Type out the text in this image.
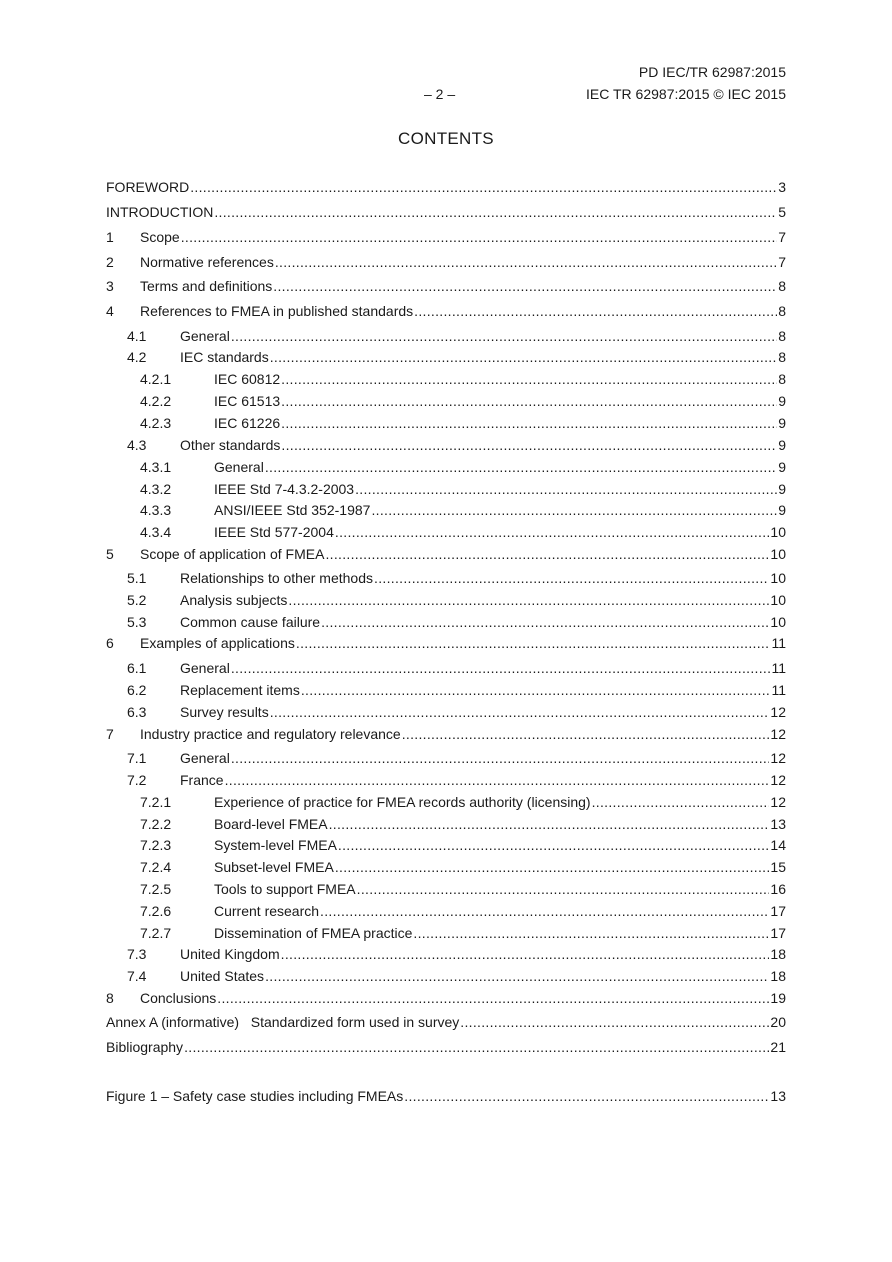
PD IEC/TR 62987:2015
– 2 –	IEC TR 62987:2015 © IEC 2015
CONTENTS
FOREWORD .....	3
INTRODUCTION .....	5
1	Scope .....	7
2	Normative references .....	7
3	Terms and definitions .....	8
4	References to FMEA in published standards .....	8
4.1	General .....	8
4.2	IEC standards .....	8
4.2.1	IEC 60812 .....	8
4.2.2	IEC 61513 .....	9
4.2.3	IEC 61226 .....	9
4.3	Other standards .....	9
4.3.1	General .....	9
4.3.2	IEEE Std 7-4.3.2-2003 .....	9
4.3.3	ANSI/IEEE Std 352-1987 .....	9
4.3.4	IEEE Std 577-2004 .....	10
5	Scope of application of FMEA .....	10
5.1	Relationships to other methods .....	10
5.2	Analysis subjects .....	10
5.3	Common cause failure .....	10
6	Examples of applications .....	11
6.1	General .....	11
6.2	Replacement items .....	11
6.3	Survey results .....	12
7	Industry practice and regulatory relevance .....	12
7.1	General .....	12
7.2	France .....	12
7.2.1	Experience of practice for FMEA records authority (licensing) .....	12
7.2.2	Board-level FMEA .....	13
7.2.3	System-level FMEA .....	14
7.2.4	Subset-level FMEA .....	15
7.2.5	Tools to support FMEA .....	16
7.2.6	Current research .....	17
7.2.7	Dissemination of FMEA practice .....	17
7.3	United Kingdom .....	18
7.4	United States .....	18
8	Conclusions .....	19
Annex A (informative)   Standardized form used in survey .....	20
Bibliography .....	21
Figure 1 – Safety case studies including FMEAs .....	13
